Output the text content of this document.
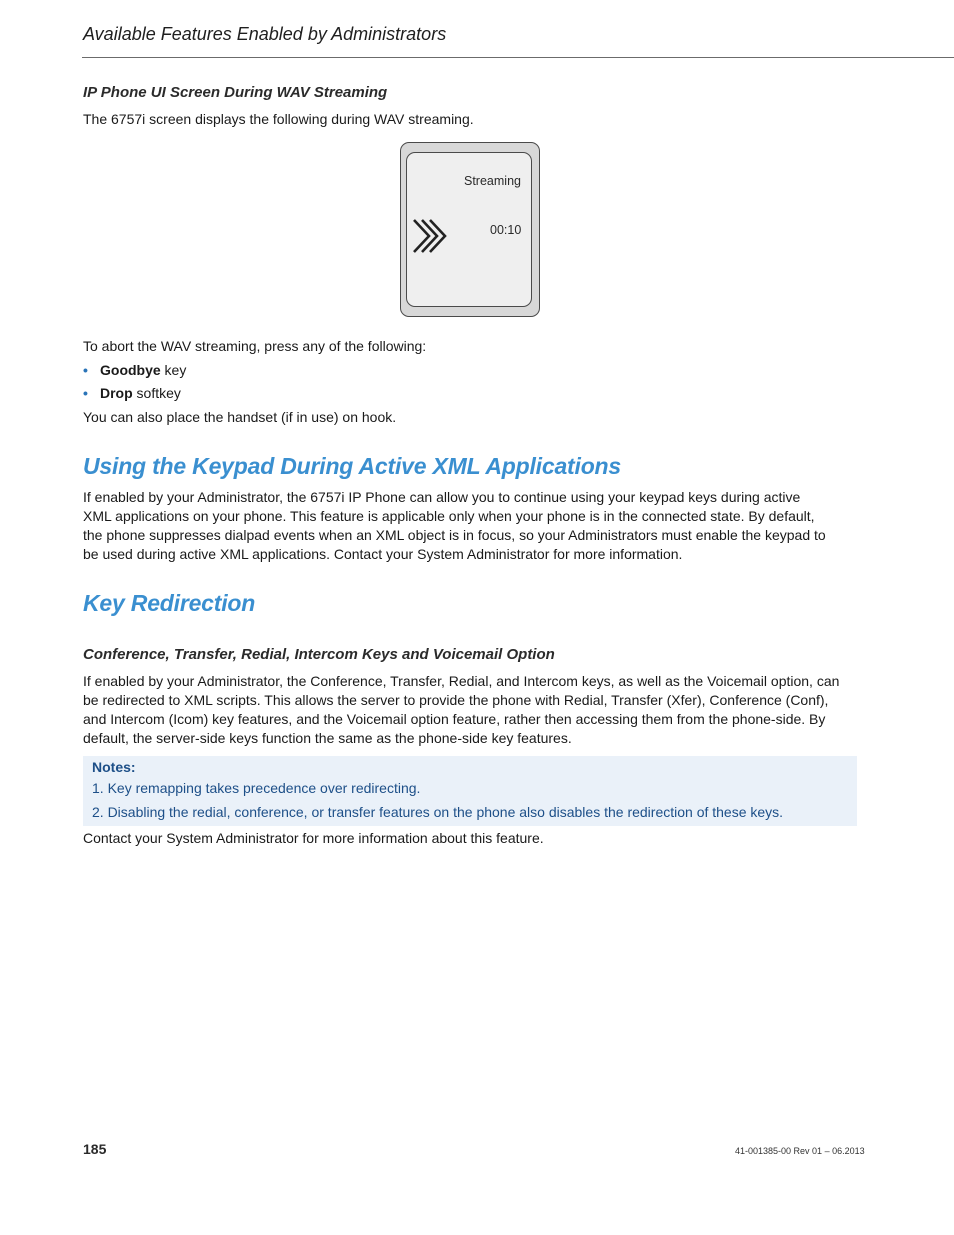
Available Features Enabled by Administrators
IP Phone UI Screen During WAV Streaming
The 6757i screen displays the following during WAV streaming.
Streaming
00:10
To abort the WAV streaming, press any of the following:
• Goodbye key
• Drop softkey
You can also place the handset (if in use) on hook.
Using the Keypad During Active XML Applications
If enabled by your Administrator, the 6757i IP Phone can allow you to continue using your keypad keys during active
XML applications on your phone. This feature is applicable only when your phone is in the connected state. By default,
the phone suppresses dialpad events when an XML object is in focus, so your Administrators must enable the keypad to
be used during active XML applications. Contact your System Administrator for more information.
Key Redirection
Conference, Transfer, Redial, Intercom Keys and Voicemail Option
If enabled by your Administrator, the Conference, Transfer, Redial, and Intercom keys, as well as the Voicemail option, can
be redirected to XML scripts. This allows the server to provide the phone with Redial, Transfer (Xfer), Conference (Conf),
and Intercom (Icom) key features, and the Voicemail option feature, rather then accessing them from the phone-side. By
default, the server-side keys function the same as the phone-side key features.
Notes:
1. Key remapping takes precedence over redirecting.
2. Disabling the redial, conference, or transfer features on the phone also disables the redirection of these keys.
Contact your System Administrator for more information about this feature.
185	41-001385-00 Rev 01 – 06.2013
